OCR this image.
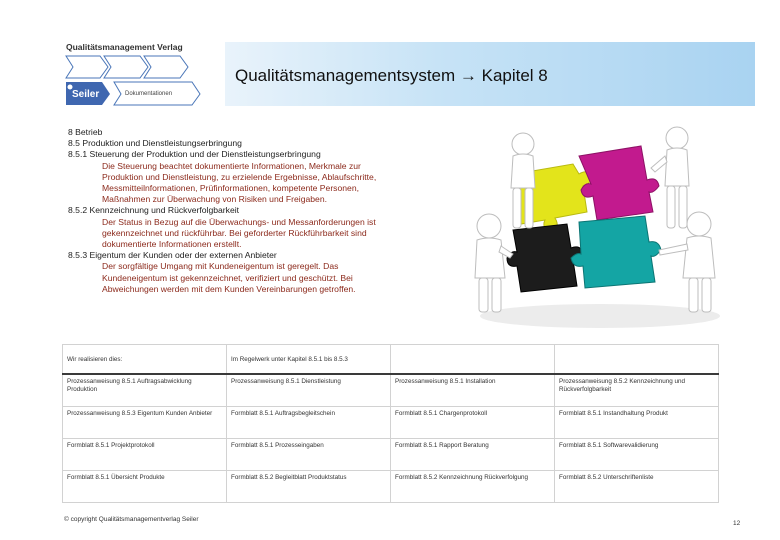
Qualitätsmanagement Verlag
Seiler	Dokumentationen
Qualitätsmanagementsystem → Kapitel 8

8 Betrieb

8.5 Produktion und Dienstleistungserbringung

8.5.1 Steuerung der Produktion und der Dienstleistungserbringung

Die Steuerung beachtet dokumentierte Informationen, Merkmale zur

Produktion und Dienstleistung, zu erzielende Ergebnisse, Ablaufschritte,

Messmitteilnformationen, Prüfinformationen, kompetente Personen,

Maßnahmen zur Überwachung von Risiken und Freigaben.

8.5.2 Kennzeichnung und Rückverfolgbarkeit

Der Status in Bezug auf die Überwachungs- und Messanforderungen ist

gekennzeichnet und rückführbar. Bei geforderter Rückführbarkeit sind

dokumentierte Informationen erstellt.

8.5.3 Eigentum der Kunden oder der externen Anbieter

Der sorgfältige Umgang mit Kundeneigentum ist geregelt. Das

Kundeneigentum ist gekennzeichnet, verifiziert und geschützt. Bei

Abweichungen werden mit dem Kunden Vereinbarungen getroffen.

Wir realisieren dies:	Im Regelwerk unter Kapitel 8.5.1 bis 8.5.3		
Prozessanweisung 8.5.1 Auftragsabwicklung Produktion	Prozessanweisung 8.5.1 Dienstleistung	Prozessanweisung 8.5.1 Installation	Prozessanweisung 8.5.2 Kennzeichnung und Rückverfolgbarkeit
Prozessanweisung 8.5.3 Eigentum Kunden Anbieter	Formblatt 8.5.1 Auftragsbegleitschein	Formblatt 8.5.1 Chargenprotokoll	Formblatt 8.5.1 Instandhaltung Produkt
Formblatt 8.5.1 Projektprotokoll	Formblatt 8.5.1 Prozesseingaben	Formblatt 8.5.1 Rapport Beratung	Formblatt 8.5.1 Softwarevalidierung
Formblatt 8.5.1 Übersicht Produkte	Formblatt 8.5.2 Begleitblatt Produktstatus	Formblatt 8.5.2 Kennzeichnung Rückverfolgung	Formblatt 8.5.2 Unterschriftenliste
© copyright Qualitätsmanagementverlag Seiler
12
